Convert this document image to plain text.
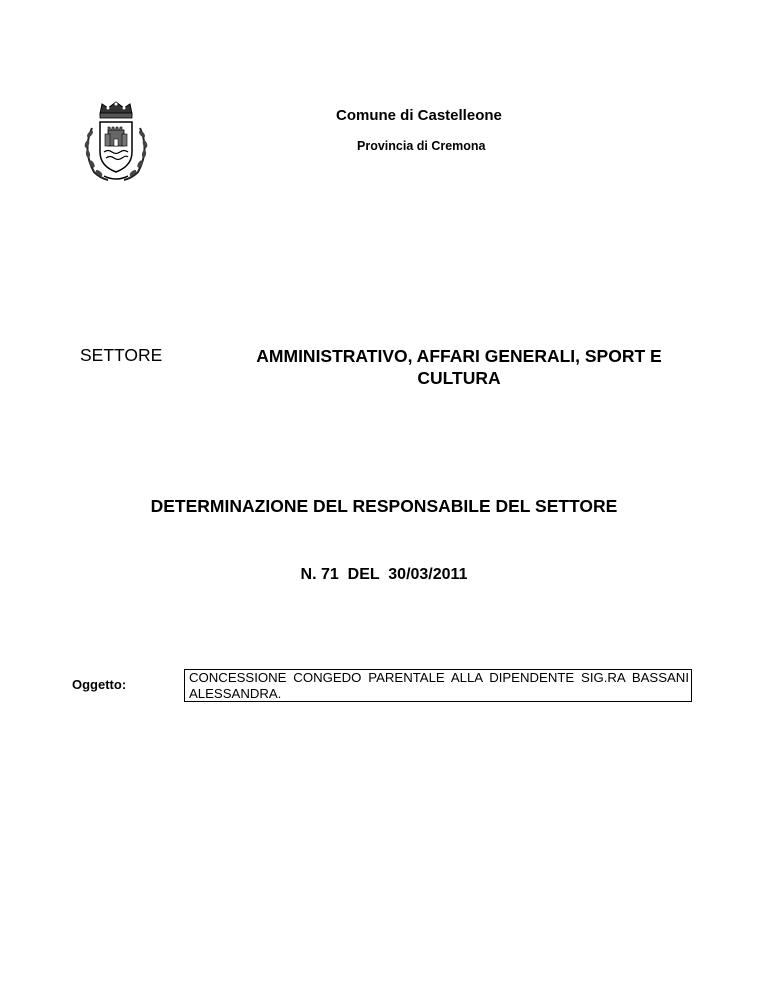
Comune di Castelleone
Provincia di Cremona
SETTORE	AMMINISTRATIVO, AFFARI GENERALI, SPORT E CULTURA
DETERMINAZIONE DEL RESPONSABILE DEL SETTORE
N. 71  DEL  30/03/2011
Oggetto:	CONCESSIONE CONGEDO PARENTALE ALLA DIPENDENTE SIG.RA BASSANI ALESSANDRA.
